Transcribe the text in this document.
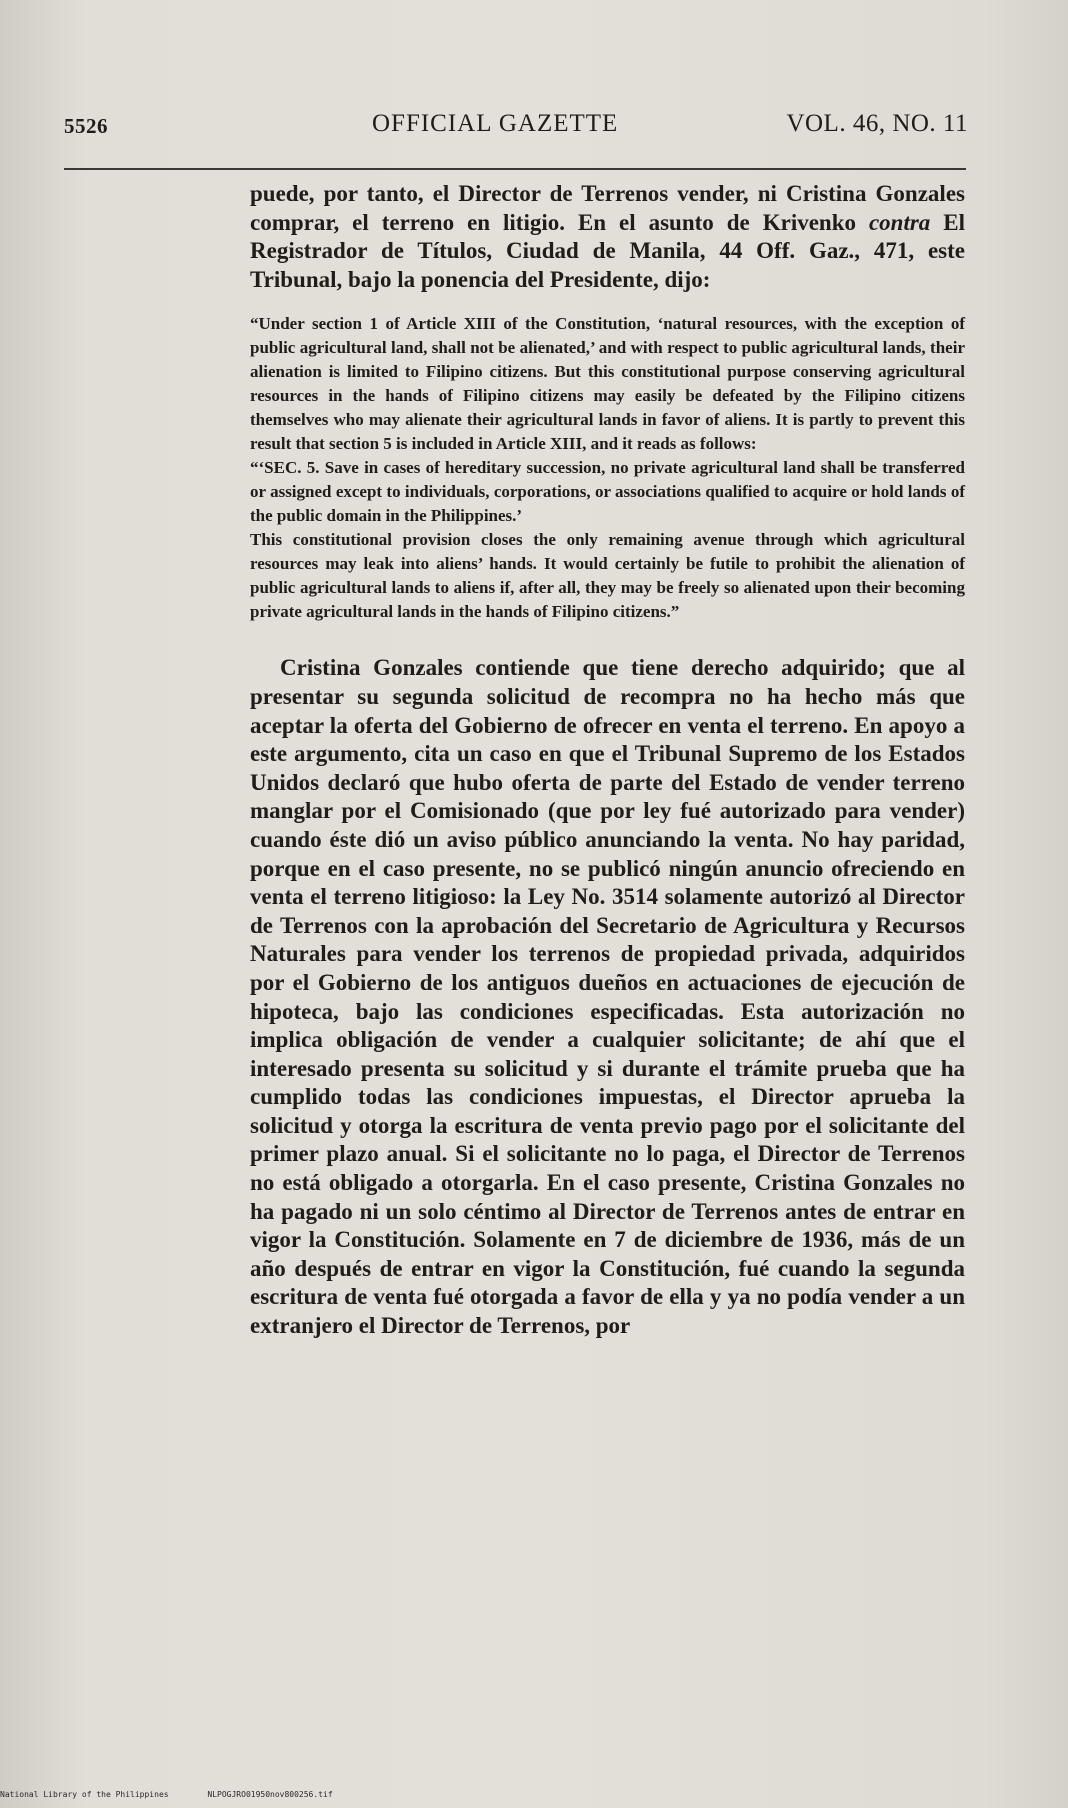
5526	OFFICIAL GAZETTE	VOL. 46, NO. 11

puede, por tanto, el Director de Terrenos vender, ni Cristina Gonzales comprar, el terreno en litigio. En el asunto de Krivenko contra El Registrador de Títulos, Ciudad de Manila, 44 Off. Gaz., 471, este Tribunal, bajo la ponencia del Presidente, dijo:

“Under section 1 of Article XIII of the Constitution, ‘natural resources, with the exception of public agricultural land, shall not be alienated,’ and with respect to public agricultural lands, their alienation is limited to Filipino citizens. But this constitutional purpose conserving agricultural resources in the hands of Filipino citizens may easily be defeated by the Filipino citizens themselves who may alienate their agricultural lands in favor of aliens. It is partly to prevent this result that section 5 is included in Article XIII, and it reads as follows:

“‘SEC. 5. Save in cases of hereditary succession, no private agricultural land shall be transferred or assigned except to individuals, corporations, or associations qualified to acquire or hold lands of the public domain in the Philippines.’

This constitutional provision closes the only remaining avenue through which agricultural resources may leak into aliens’ hands. It would certainly be futile to prohibit the alienation of public agricultural lands to aliens if, after all, they may be freely so alienated upon their becoming private agricultural lands in the hands of Filipino citizens.”

Cristina Gonzales contiende que tiene derecho adquirido; que al presentar su segunda solicitud de recompra no ha hecho más que aceptar la oferta del Gobierno de ofrecer en venta el terreno. En apoyo a este argumento, cita un caso en que el Tribunal Supremo de los Estados Unidos declaró que hubo oferta de parte del Estado de vender terreno manglar por el Comisionado (que por ley fué autorizado para vender) cuando éste dió un aviso público anunciando la venta. No hay paridad, porque en el caso presente, no se publicó ningún anuncio ofreciendo en venta el terreno litigioso: la Ley No. 3514 solamente autorizó al Director de Terrenos con la aprobación del Secretario de Agricultura y Recursos Naturales para vender los terrenos de propiedad privada, adquiridos por el Gobierno de los antiguos dueños en actuaciones de ejecución de hipoteca, bajo las condiciones especificadas. Esta autorización no implica obligación de vender a cualquier solicitante; de ahí que el interesado presenta su solicitud y si durante el trámite prueba que ha cumplido todas las condiciones impuestas, el Director aprueba la solicitud y otorga la escritura de venta previo pago por el solicitante del primer plazo anual. Si el solicitante no lo paga, el Director de Terrenos no está obligado a otorgarla. En el caso presente, Cristina Gonzales no ha pagado ni un solo céntimo al Director de Terrenos antes de entrar en vigor la Constitución. Solamente en 7 de diciembre de 1936, más de un año después de entrar en vigor la Constitución, fué cuando la segunda escritura de venta fué otorgada a favor de ella y ya no podía vender a un extranjero el Director de Terrenos, por

National Library of the Philippines	NLPOGJRO01950nov800256.tif
